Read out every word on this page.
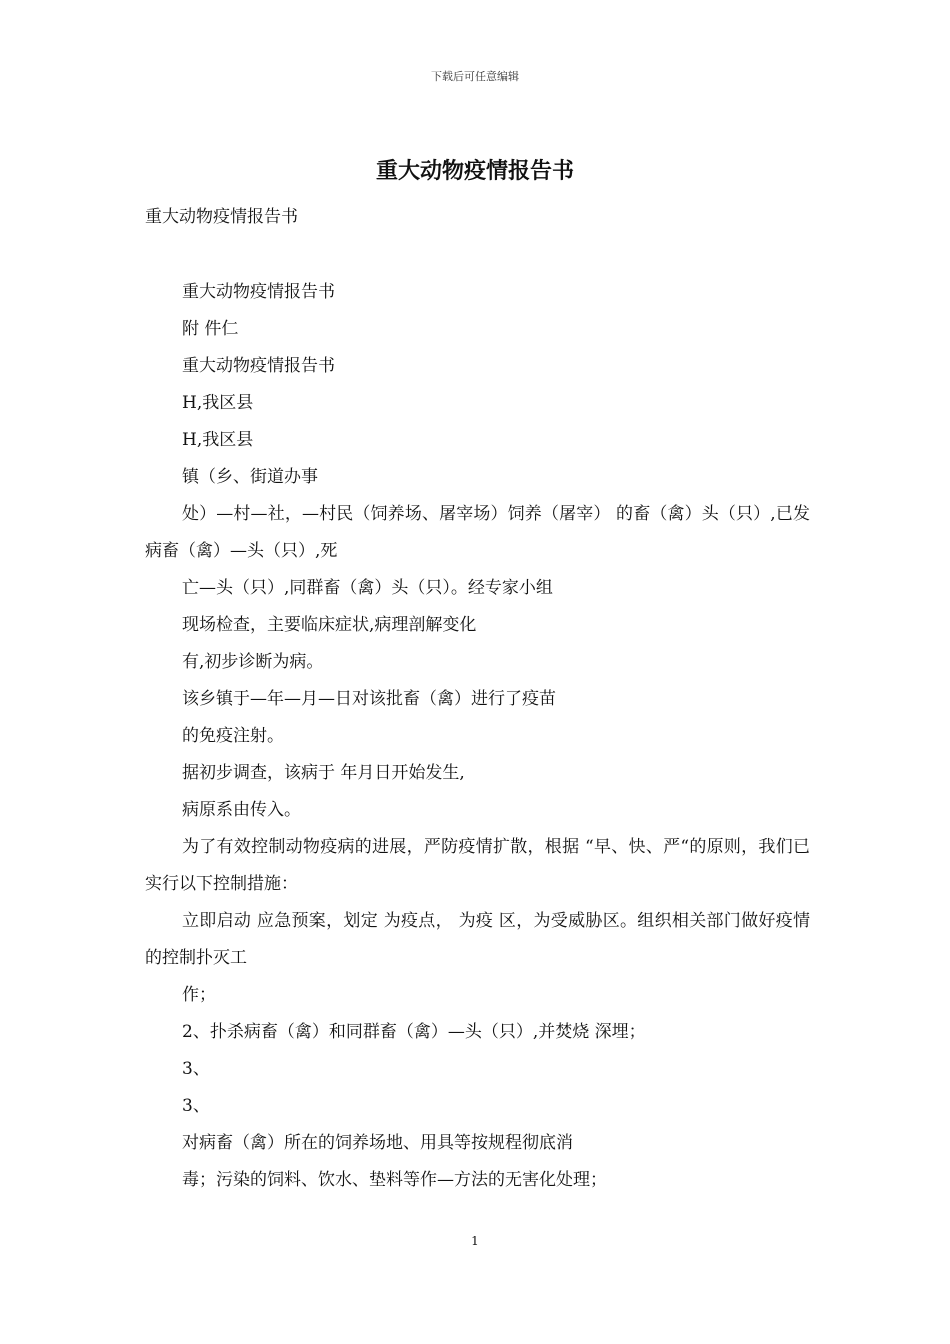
下载后可任意编辑
重大动物疫情报告书
重大动物疫情报告书

重大动物疫情报告书

附 件仁

重大动物疫情报告书

H,我区县

H,我区县

镇（乡、街道办事

处）—村—社，—村民（饲养场、屠宰场）饲养（屠宰） 的畜（禽）头（只）,已发病畜（禽）—头（只）,死

亡—头（只）,同群畜（禽）头（只）。经专家小组

现场检查，主要临床症状,病理剖解变化

有,初步诊断为病。

该乡镇于—年—月—日对该批畜（禽）进行了疫苗

的免疫注射。

据初步调查，该病于 年月日开始发生,

病原系由传入。

为了有效控制动物疫病的进展，严防疫情扩散，根据 “早、快、严“的原则，我们已实行以下控制措施：

立即启动 应急预案，划定 为疫点， 为疫 区，为受威胁区。组织相关部门做好疫情的控制扑灭工

作；

2、扑杀病畜（禽）和同群畜（禽）—头（只）,并焚烧 深埋；

3、

3、

对病畜（禽）所在的饲养场地、用具等按规程彻底消

毒；污染的饲料、饮水、垫料等作—方法的无害化处理；

1
